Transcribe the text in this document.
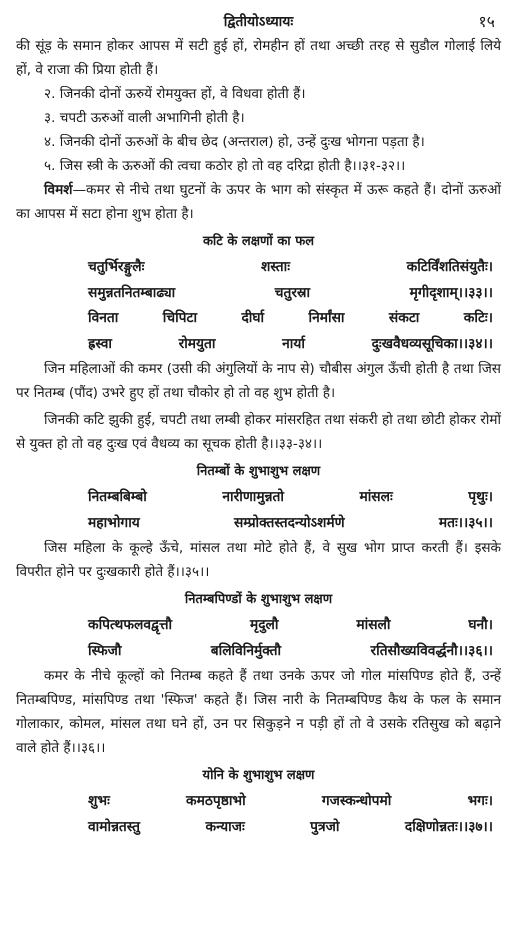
द्वितीयोऽध्यायः	१५

की सूंड़ के समान होकर आपस में सटी हुई हों, रोमहीन हों तथा अच्छी तरह से सुडौल गोलाई लिये हों, वे राजा की प्रिया होती हैं।

२. जिनकी दोनों ऊरुयें रोमयुक्त हों, वे विधवा होती हैं।

३. चपटी ऊरुओं वाली अभागिनी होती है।

४. जिनकी दोनों ऊरुओं के बीच छेद (अन्तराल) हो, उन्हें दुःख भोगना पड़ता है।

५. जिस स्त्री के ऊरुओं की त्वचा कठोर हो तो वह दरिद्रा होती है।।३१-३२।।

विमर्श—कमर से नीचे तथा घुटनों के ऊपर के भाग को संस्कृत में ऊरू कहते हैं। दोनों ऊरुओं का आपस में सटा होना शुभ होता है।

कटि के लक्षणों का फल
चतुर्भिरङ्गुलैः	शस्ताः	कटिर्विंशतिसंयुतैः।
समुन्नतनितम्बाढ्या	चतुरस्रा	मृगीदृशाम्।।३३।।
विनता	चिपिटा	दीर्घा	निर्मांसा	संकटा	कटिः।
ह्रस्वा	रोमयुता	नार्या	दुःखवैधव्यसूचिका।।३४।।

जिन महिलाओं की कमर (उसी की अंगुलियों के नाप से) चौबीस अंगुल ऊँची होती है तथा जिस पर नितम्ब (पौंद) उभरे हुए हों तथा चौकोर हो तो वह शुभ होती है।

जिनकी कटि झुकी हुई, चपटी तथा लम्बी होकर मांसरहित तथा संकरी हो तथा छोटी होकर रोमों से युक्त हो तो वह दुःख एवं वैधव्य का सूचक होती है।।३३-३४।।

नितम्बों के शुभाशुभ लक्षण
नितम्बबिम्बो	नारीणामुन्नतो	मांसलः	पृथुः।
महाभोगाय	सम्प्रोक्तस्तदन्योऽशर्मणे	मतः।।३५।।

जिस महिला के कूल्हे ऊँचे, मांसल तथा मोटे होते हैं, वे सुख भोग प्राप्त करती हैं। इसके विपरीत होने पर दुःखकारी होते हैं।।३५।।

नितम्बपिण्डों के शुभाशुभ लक्षण
कपित्थफलवद्वृत्तौ	मृदुलौ	मांसलौ	घनौ।
स्फिजौ	बलिविनिर्मुक्तौ	रतिसौख्यविवर्द्धनौ।।३६।।

कमर के नीचे कूल्हों को नितम्ब कहते हैं तथा उनके ऊपर जो गोल मांसपिण्ड होते हैं, उन्हें नितम्बपिण्ड, मांसपिण्ड तथा 'स्फिज' कहते हैं। जिस नारी के नितम्बपिण्ड कैथ के फल के समान गोलाकार, कोमल, मांसल तथा घने हों, उन पर सिकुड़ने न पड़ी हों तो वे उसके रतिसुख को बढ़ाने वाले होते हैं।।३६।।

योनि के शुभाशुभ लक्षण
शुभः	कमठपृष्ठाभो	गजस्कन्धोपमो	भगः।
वामोन्नतस्तु	कन्याजः	पुत्रजो	दक्षिणोन्नतः।।३७।।
